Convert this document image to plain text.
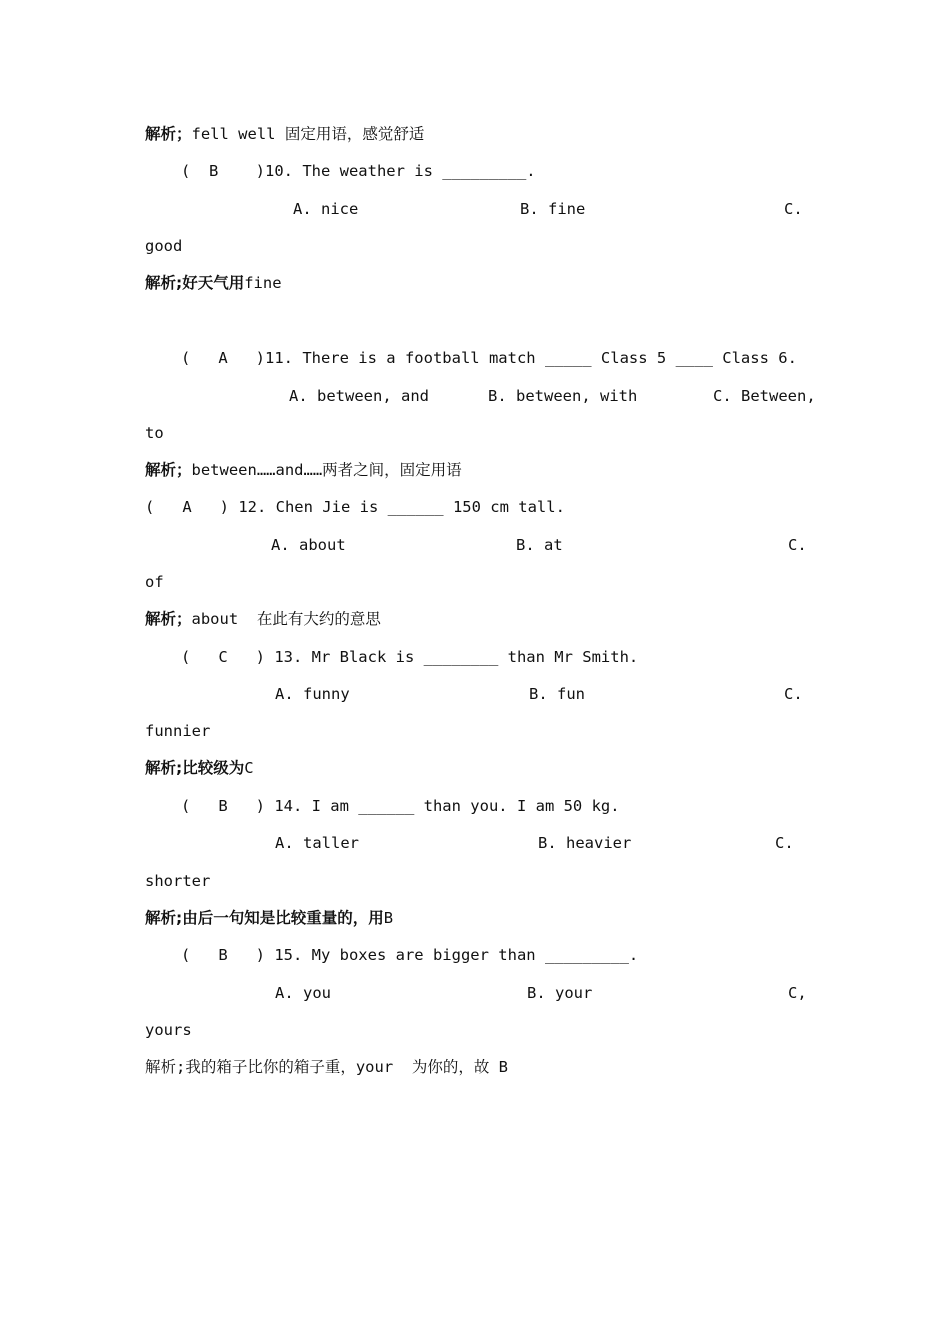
解析；fell well 固定用语，感觉舒适
(  B    )10. The weather is _________.
A. nice	B. fine	C.
good
解析;好天气用fine
(   A   )11. There is a football match _____ Class 5 ____ Class 6.
A. between, and	B. between, with	C. Between,
to
解析；between……and……两者之间，固定用语
(   A   ) 12. Chen Jie is ______ 150 cm tall.
A. about	B. at	C.
of
解析；about  在此有大约的意思
(   C   ) 13. Mr Black is ________ than Mr Smith.
A. funny	B. fun	C.
funnier
解析;比较级为C
(   B   ) 14. I am ______ than you. I am 50 kg.
A. taller	B. heavier	C.
shorter
解析;由后一句知是比较重量的，用B
(   B   ) 15. My boxes are bigger than _________.
A. you	B. your	C,
yours
解析;我的箱子比你的箱子重，your  为你的，故 B
